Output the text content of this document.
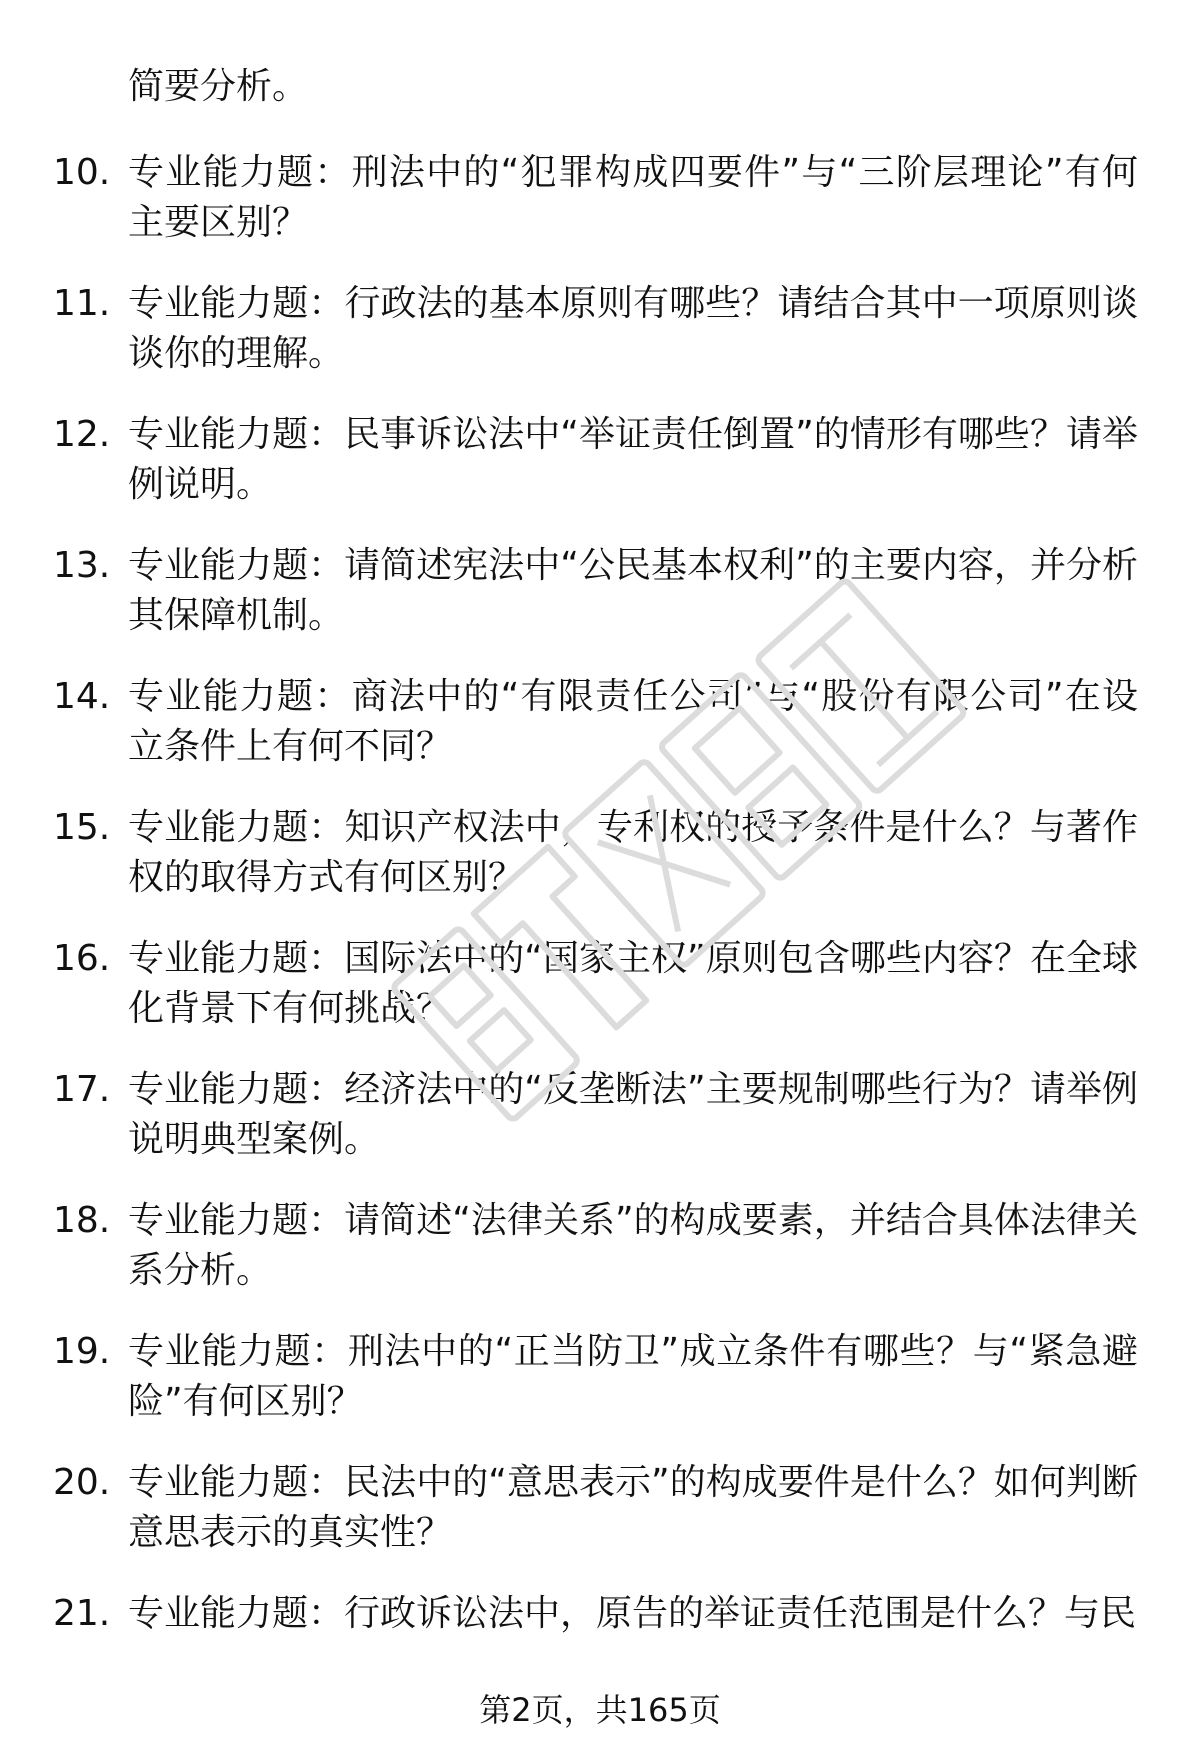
简要分析。

10. 专业能力题：刑法中的“犯罪构成四要件”与“三阶层理论”有何主要区别？
11. 专业能力题：行政法的基本原则有哪些？请结合其中一项原则谈谈你的理解。
12. 专业能力题：民事诉讼法中“举证责任倒置”的情形有哪些？请举例说明。
13. 专业能力题：请简述宪法中“公民基本权利”的主要内容，并分析其保障机制。
14. 专业能力题：商法中的“有限责任公司”与“股份有限公司”在设立条件上有何不同？
15. 专业能力题：知识产权法中，专利权的授予条件是什么？与著作权的取得方式有何区别？
16. 专业能力题：国际法中的“国家主权”原则包含哪些内容？在全球化背景下有何挑战？
17. 专业能力题：经济法中的“反垄断法”主要规制哪些行为？请举例说明典型案例。
18. 专业能力题：请简述“法律关系”的构成要素，并结合具体法律关系分析。
19. 专业能力题：刑法中的“正当防卫”成立条件有哪些？与“紧急避险”有何区别？
20. 专业能力题：民法中的“意思表示”的构成要件是什么？如何判断意思表示的真实性？
21. 专业能力题：行政诉讼法中，原告的举证责任范围是什么？与民
第2页，共165页
